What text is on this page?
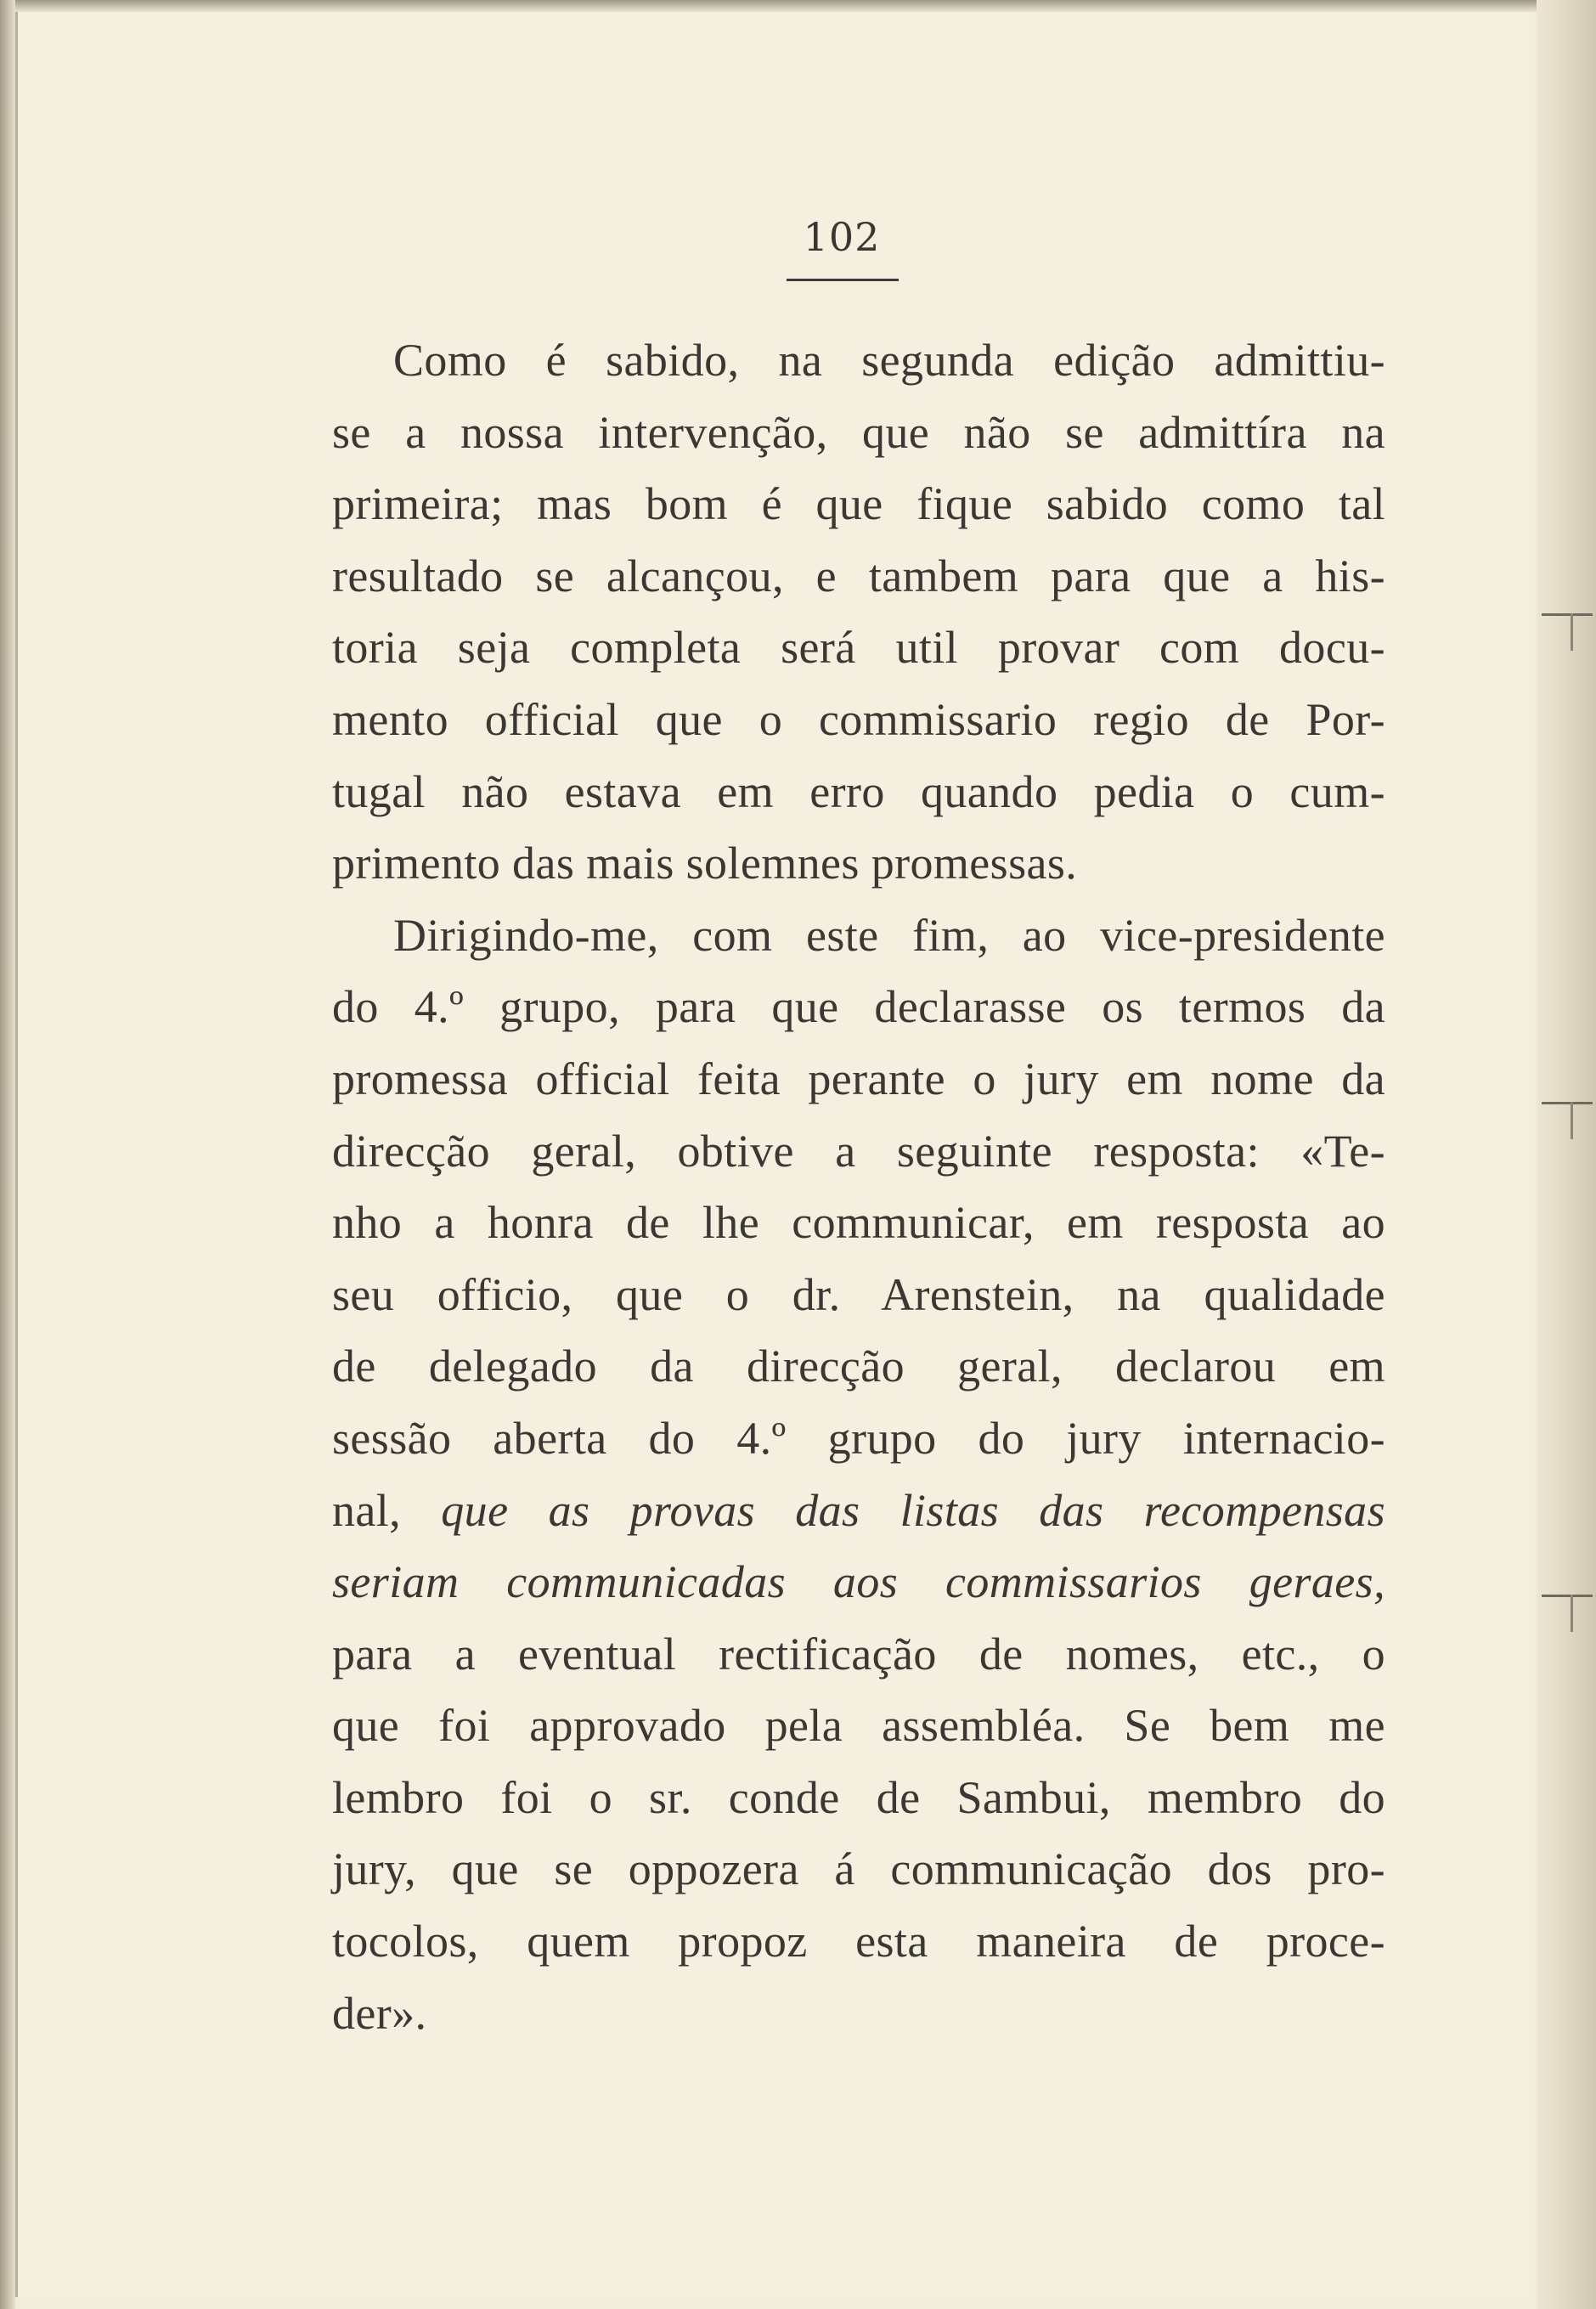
102
Como é sabido, na segunda edição admittiu-
se a nossa intervenção, que não se admittíra na
primeira; mas bom é que fique sabido como tal
resultado se alcançou, e tambem para que a his-
toria seja completa será util provar com docu-
mento official que o commissario regio de Por-
tugal não estava em erro quando pedia o cum-
primento das mais solemnes promessas.
Dirigindo-me, com este fim, ao vice-presidente
do 4.º grupo, para que declarasse os termos da
promessa official feita perante o jury em nome da
direcção geral, obtive a seguinte resposta: «Te-
nho a honra de lhe communicar, em resposta ao
seu officio, que o dr. Arenstein, na qualidade
de delegado da direcção geral, declarou em
sessão aberta do 4.º grupo do jury internacio-
nal, que as provas das listas das recompensas
seriam communicadas aos commissarios geraes,
para a eventual rectificação de nomes, etc., o
que foi approvado pela assembléa. Se bem me
lembro foi o sr. conde de Sambui, membro do
jury, que se oppozera á communicação dos pro-
tocolos, quem propoz esta maneira de proce-
der».
